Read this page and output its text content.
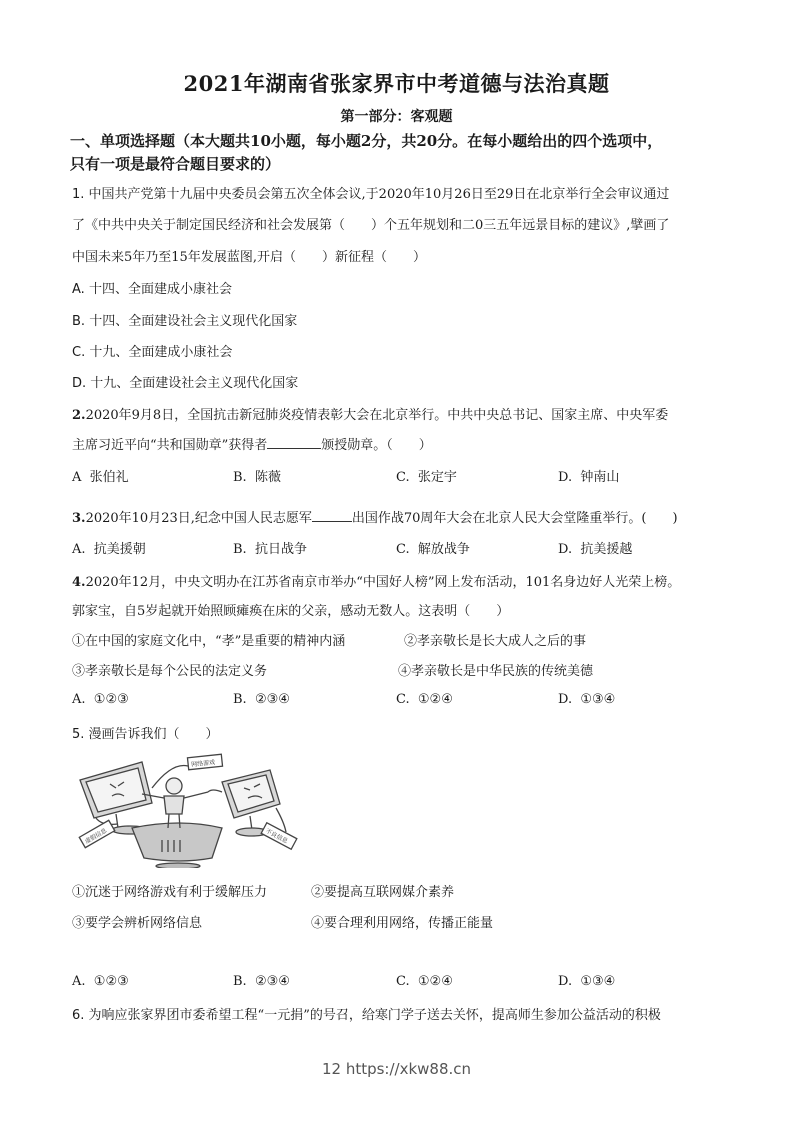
2021年湖南省张家界市中考道德与法治真题
第一部分：客观题
一、单项选择题（本大题共10小题，每小题2分，共20分。在每小题给出的四个选项中，
只有一项是最符合题目要求的）
1. 中国共产党第十九届中央委员会第五次全体会议,于2020年10月26日至29日在北京举行全会审议通过
了《中共中央关于制定国民经济和社会发展第（　　）个五年规划和二0三五年远景目标的建议》,擘画了
中国未来5年乃至15年发展蓝图,开启（　　）新征程（　　）
A. 十四、全面建成小康社会
B. 十四、全面建设社会主义现代化国家
C. 十九、全面建成小康社会
D. 十九、全面建设社会主义现代化国家
2.2020年9月8日，全国抗击新冠肺炎疫情表彰大会在北京举行。中共中央总书记、国家主席、中央军委
主席习近平向“共和国勋章”获得者	颁授勋章。（　　）
A 张伯礼	B. 陈薇	C. 张定宇	D. 钟南山
3.2020年10月23日,纪念中国人民志愿军	出国作战70周年大会在北京人民大会堂隆重举行。(　　)
A. 抗美援朝	B. 抗日战争	C. 解放战争	D. 抗美援越
4.2020年12月，中央文明办在江苏省南京市举办“中国好人榜”网上发布活动，101名身边好人光荣上榜。
郭家宝，自5岁起就开始照顾瘫痪在床的父亲，感动无数人。这表明（　　）
①在中国的家庭文化中，“孝”是重要的精神内涵	②孝亲敬长是长大成人之后的事
③孝亲敬长是每个公民的法定义务	④孝亲敬长是中华民族的传统美德
A. ①②③	B. ②③④	C. ①②④	D. ①③④
5. 漫画告诉我们（　　）
网络游戏
虚假信息	不良信息
①沉迷于网络游戏有利于缓解压力	②要提高互联网媒介素养
③要学会辨析网络信息	④要合理利用网络，传播正能量
A. ①②③	B. ②③④	C. ①②④	D. ①③④
6. 为响应张家界团市委希望工程“一元捐”的号召，给寒门学子送去关怀，提高师生参加公益活动的积极
12 https://xkw88.cn
